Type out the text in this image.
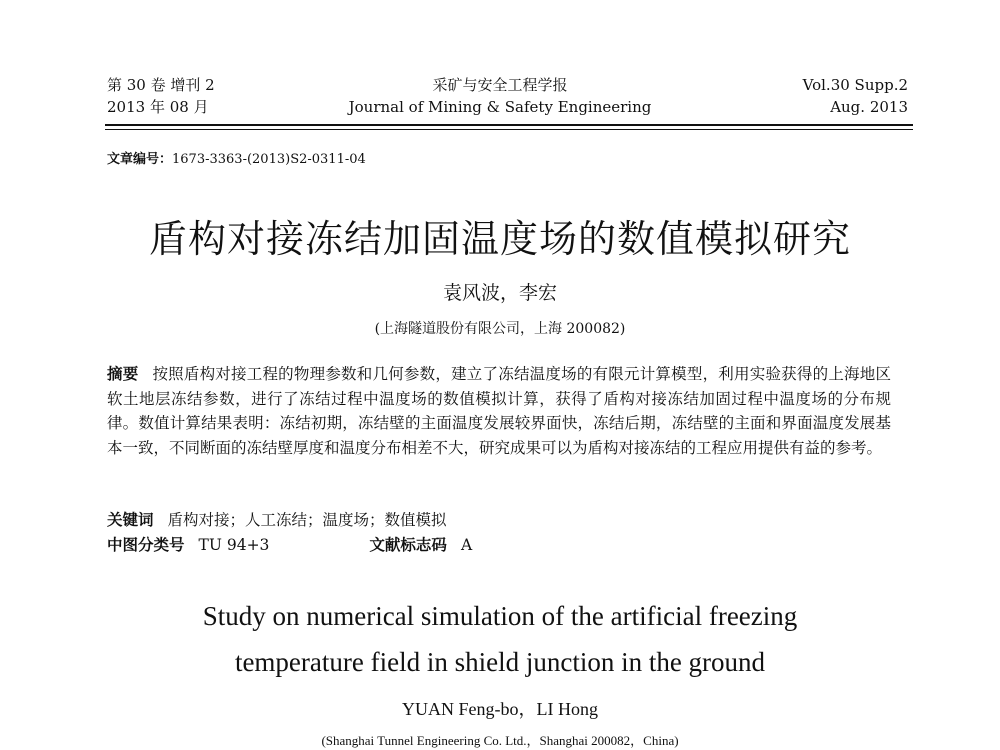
第 30 卷 增刊 2
2013 年 08 月
采矿与安全工程学报
Journal of Mining & Safety Engineering
Vol.30 Supp.2
Aug. 2013
文章编号：1673-3363-(2013)S2-0311-04
盾构对接冻结加固温度场的数值模拟研究
袁风波，李宏
(上海隧道股份有限公司，上海 200082)
摘要 按照盾构对接工程的物理参数和几何参数，建立了冻结温度场的有限元计算模型，利用实验获得的上海地区软土地层冻结参数，进行了冻结过程中温度场的数值模拟计算，获得了盾构对接冻结加固过程中温度场的分布规律。数值计算结果表明：冻结初期，冻结壁的主面温度发展较界面快，冻结后期，冻结壁的主面和界面温度发展基本一致，不同断面的冻结壁厚度和温度分布相差不大，研究成果可以为盾构对接冻结的工程应用提供有益的参考。
关键词 盾构对接；人工冻结；温度场；数值模拟
中图分类号 TU 94+3	文献标志码 A
Study on numerical simulation of the artificial freezing
temperature field in shield junction in the ground
YUAN Feng-bo，LI Hong
(Shanghai Tunnel Engineering Co. Ltd.，Shanghai 200082，China)
